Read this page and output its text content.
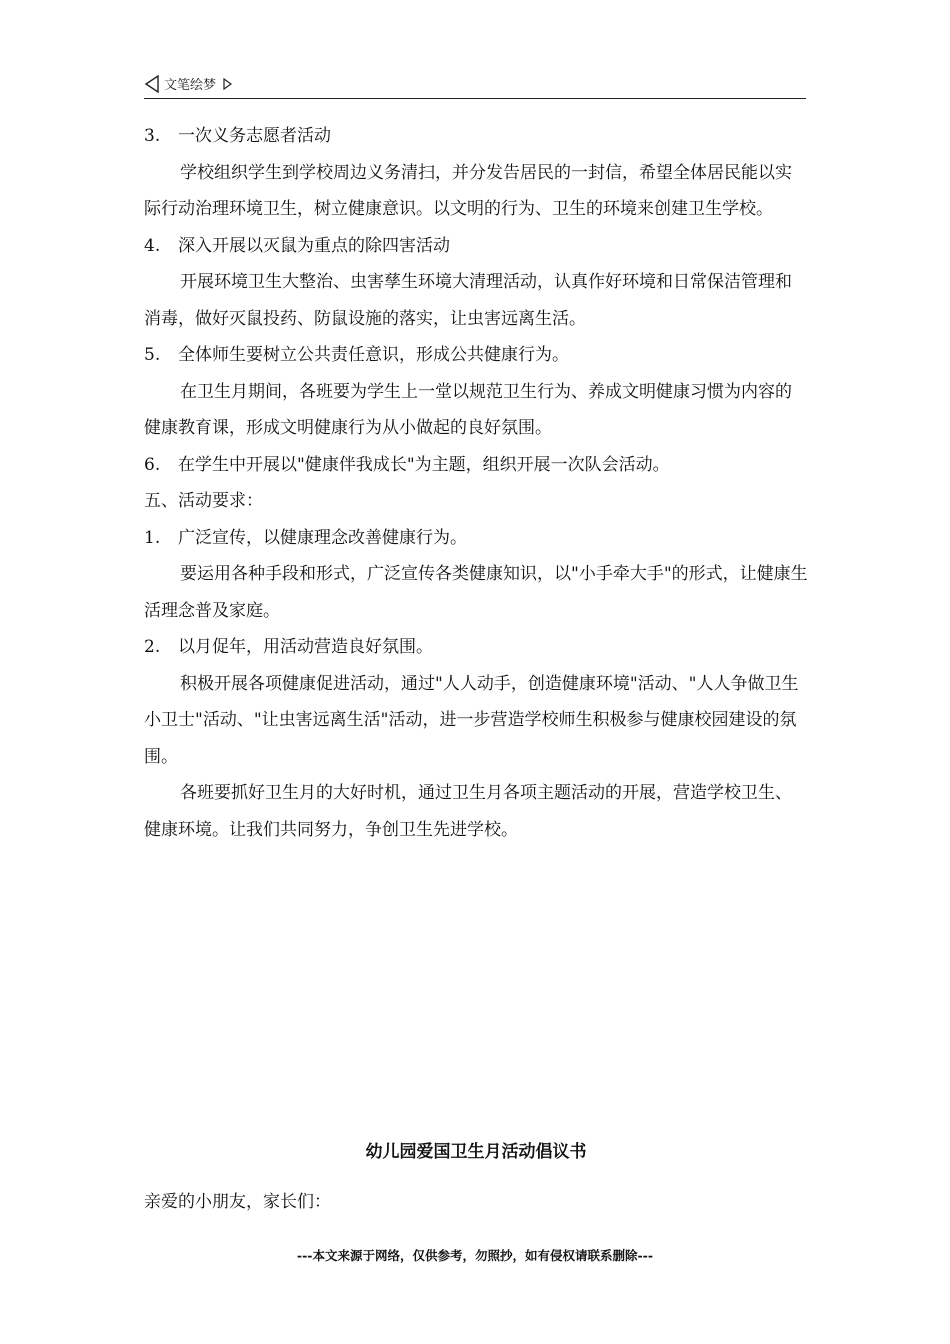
文笔绘梦

3. 一次义务志愿者活动

学校组织学生到学校周边义务清扫，并分发告居民的一封信，希望全体居民能以实际行动治理环境卫生，树立健康意识。以文明的行为、卫生的环境来创建卫生学校。

4. 深入开展以灭鼠为重点的除四害活动

开展环境卫生大整治、虫害孳生环境大清理活动，认真作好环境和日常保洁管理和消毒，做好灭鼠投药、防鼠设施的落实，让虫害远离生活。

5. 全体师生要树立公共责任意识，形成公共健康行为。

在卫生月期间，各班要为学生上一堂以规范卫生行为、养成文明健康习惯为内容的健康教育课，形成文明健康行为从小做起的良好氛围。

6. 在学生中开展以"健康伴我成长"为主题，组织开展一次队会活动。

五、活动要求：

1. 广泛宣传，以健康理念改善健康行为。

要运用各种手段和形式，广泛宣传各类健康知识，以"小手牵大手"的形式，让健康生活理念普及家庭。

2. 以月促年，用活动营造良好氛围。

积极开展各项健康促进活动，通过"人人动手，创造健康环境"活动、"人人争做卫生小卫士"活动、"让虫害远离生活"活动，进一步营造学校师生积极参与健康校园建设的氛围。

各班要抓好卫生月的大好时机，通过卫生月各项主题活动的开展，营造学校卫生、健康环境。让我们共同努力，争创卫生先进学校。

幼儿园爱国卫生月活动倡议书
亲爱的小朋友，家长们：
---本文来源于网络，仅供参考，勿照抄，如有侵权请联系删除---
